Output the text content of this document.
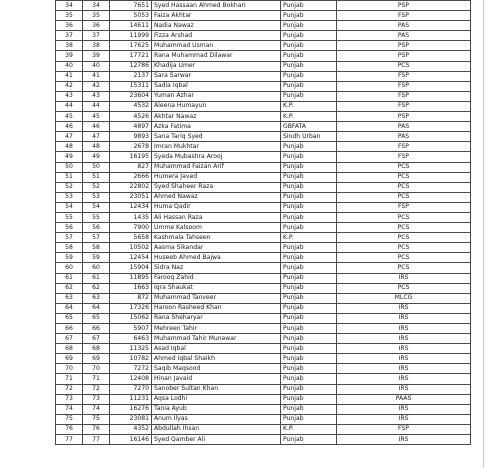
34	34	7651	Syed Hassaan Ahmed Bokhari	Punjab	PSP
35	35	5053	Faiza Akhtar	Punjab	FSP
36	36	14611	Nadia Nawaz	Punjab	PAS
37	37	11999	Fizza Arshad	Punjab	PAS
38	38	17625	Muhammad Usman	Punjab	PSP
39	39	17721	Rana Muhammad Dilawar	Punjab	PSP
40	40	12786	Khadija Umer	Punjab	PCS
41	41	2137	Sara Sarwar	Punjab	FSP
42	42	15311	Sadia Iqbal	Punjab	FSP
43	43	23604	Yuman Azhar	Punjab	FSP
44	44	4532	Aleena Humayun	K.P.	FSP
45	45	4526	Akhtar Nawaz	K.P.	PSP
46	46	4897	Azka Fatima	GBFATA	PAS
47	47	9893	Sana Tariq Syed	Sindh Urban	PAS
48	48	2678	Imran Mukhtar	Punjab	FSP
49	49	16195	Syeda Mubashra Arooj	Punjab	FSP
50	50	827	Muhammad Faizan Arif	Punjab	PCS
51	51	2666	Humera Javed	Punjab	PCS
52	52	22802	Syed Shaheer Raza	Punjab	PCS
53	53	23051	Ahmed Nawaz	Punjab	PCS
54	54	12434	Huma Qadir	Punjab	FSP
55	55	1435	Ali Hassan Raza	Punjab	PCS
56	56	7900	Umme Kalsoom	Punjab	PCS
57	57	5658	Kashmala Tahseen	K.P.	PCS
58	58	10502	Aasma Sikandar	Punjab	PCS
59	59	12454	Huseeb Ahmed Bajwa	Punjab	PCS
60	60	15904	Sidra Naz	Punjab	PCS
61	61	11895	Farooq Zahid	Punjab	IRS
62	62	1663	Iqra Shaukat	Punjab	PCS
63	63	872	Muhammad Tanveer	Punjab	MLCG
64	64	17326	Haroon Rasheed Khan	Punjab	IRS
65	65	15062	Rana Sheharyar	Punjab	IRS
66	66	5907	Mehreen Tahir	Punjab	IRS
67	67	6463	Muhammad Tahir Munawar	Punjab	IRS
68	68	11325	Asad Iqbal	Punjab	IRS
69	69	10782	Ahmed Iqbal Shaikh	Punjab	IRS
70	70	7272	Saqib Maqsood	Punjab	IRS
71	71	12408	Hinan Javaid	Punjab	IRS
72	72	7270	Sanober Sultan Khan	Punjab	IRS
73	73	11231	Aqsa Lodhi	Punjab	PAAS
74	74	16276	Tania Ayub	Punjab	IRS
75	75	23081	Anum Ilyas	Punjab	IRS
76	76	4352	Abdullah Ihsan	K.P.	FSP
77	77	16146	Syed Qamber Ali	Punjab	IRS
